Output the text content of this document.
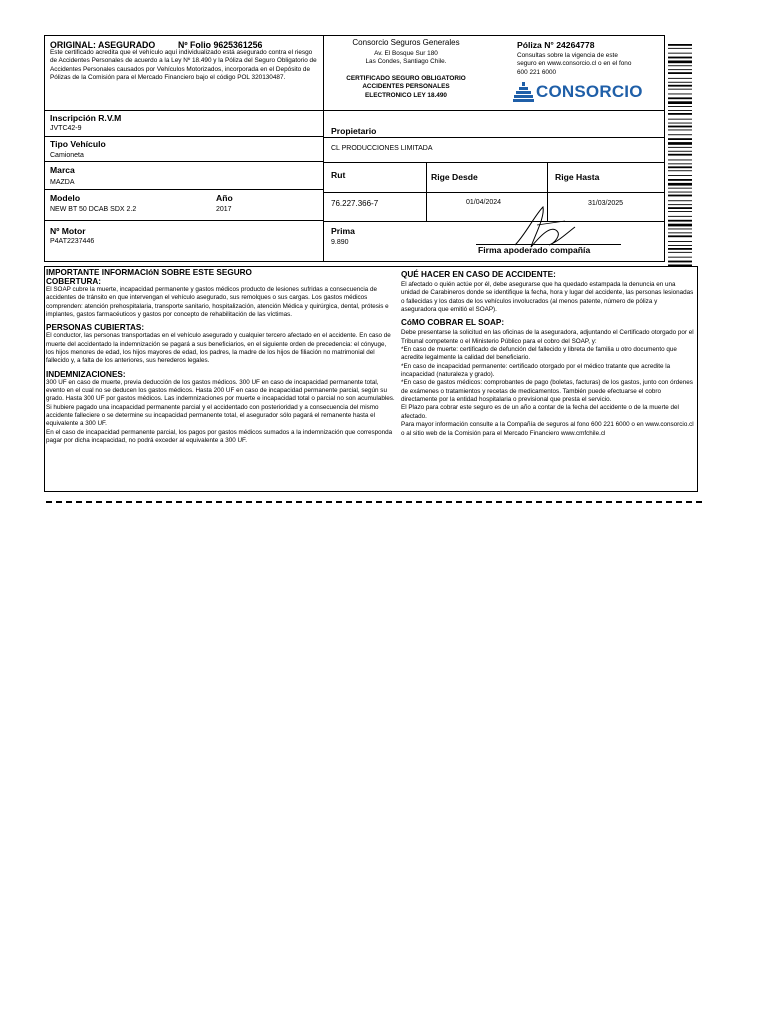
ORIGINAL: ASEGURADO	Nº Folio 9625361256
Este certificado acredita que el vehículo aquí individualizado está asegurado contra el riesgo de Accidentes Personales de acuerdo a la Ley Nº 18.490 y la Póliza del Seguro Obligatorio de Accidentes Personales causados por Vehículos Motorizados, incorporada en el Depósito de Pólizas de la Comisión para el Mercado Financiero bajo el código POL 320130487.
Consorcio Seguros Generales
Av. El Bosque Sur 180
Las Condes, Santiago Chile.
CERTIFICADO SEGURO OBLIGATORIO
ACCIDENTES PERSONALES
ELECTRONICO LEY 18.490
Póliza N° 24264778
Consultas sobre la vigencia de este seguro en www.consorcio.cl o en el fono 600 221 6000
CONSORCIO
Inscripción R.V.M
JVTC42-9
Tipo Vehículo
Camioneta
Marca
MAZDA
Modelo
NEW BT 50 DCAB SDX 2.2
Año
2017
Nº Motor
P4AT2237446
Propietario
CL PRODUCCIONES LIMITADA
Rut
76.227.366-7
Rige Desde
01/04/2024
Rige Hasta
31/03/2025
Prima
9.890
Firma apoderado compañía
IMPORTANTE INFORMACIóN SOBRE ESTE SEGURO
COBERTURA:
El SOAP cubre la muerte, incapacidad permanente y gastos médicos producto de lesiones sufridas a consecuencia de accidentes de tránsito en que intervengan el vehículo asegurado, sus remolques o sus cargas. Los gastos médicos comprenden: atención prehospitalaria, transporte sanitario, hospitalización, atención Médica y quirúrgica, dental, prótesis e implantes, gastos farmacéuticos y gastos por concepto de rehabilitación de las víctimas.
PERSONAS CUBIERTAS:
El conductor, las personas transportadas en el vehículo asegurado y cualquier tercero afectado en el accidente. En caso de muerte del accidentado la indemnización se pagará a sus beneficiarios, en el siguiente orden de precedencia: el cónyuge, los hijos menores de edad, los hijos mayores de edad, los padres, la madre de los hijos de filiación no matrimonial del fallecido y, a falta de los anteriores, sus herederos legales.
INDEMNIZACIONES:
300 UF en caso de muerte, previa deducción de los gastos médicos. 300 UF en caso de incapacidad permanente total, evento en el cual no se deducen los gastos médicos. Hasta 200 UF en caso de incapacidad permanente parcial, según su grado. Hasta 300 UF por gastos médicos. Las indemnizaciones por muerte e incapacidad total o parcial no son acumulables. Si hubiere pagado una incapacidad permanente parcial y el accidentado con posterioridad y a consecuencia del mismo accidente falleciere o se determine su incapacidad permanente total, el asegurador sólo pagará el remanente hasta el equivalente a 300 UF.
En el caso de incapacidad permanente parcial, los pagos por gastos médicos sumados a la indemnización que corresponda pagar por dicha incapacidad, no podrá exceder al equivalente a 300 UF.
QUÉ HACER EN CASO DE ACCIDENTE:
El afectado o quién actúe por él, debe asegurarse que ha quedado estampada la denuncia en una unidad de Carabineros donde se identifique la fecha, hora y lugar del accidente, las personas lesionadas o fallecidas y los datos de los vehículos involucrados (al menos patente, número de póliza y aseguradora que emitió el SOAP).
CóMO COBRAR EL SOAP:
Debe presentarse la solicitud en las oficinas de la aseguradora, adjuntando el Certificado otorgado por el Tribunal competente o el Ministerio Público para el cobro del SOAP, y:
*En caso de muerte: certificado de defunción del fallecido y libreta de familia u otro documento que acredite legalmente la calidad del beneficiario.
*En caso de incapacidad permanente: certificado otorgado por el médico tratante que acredite la incapacidad (naturaleza y grado).
*En caso de gastos médicos: comprobantes de pago (boletas, facturas) de los gastos, junto con órdenes de exámenes o tratamientos y recetas de medicamentos. También puede efectuarse el cobro directamente por la entidad hospitalaria o previsional que presta el servicio.
El Plazo para cobrar este seguro es de un año a contar de la fecha del accidente o de la muerte del afectado.
Para mayor información consulte a la Compañía de seguros al fono 600 221 6000 o en www.consorcio.cl o al sitio web de la Comisión para el Mercado Financiero www.cmfchile.cl
